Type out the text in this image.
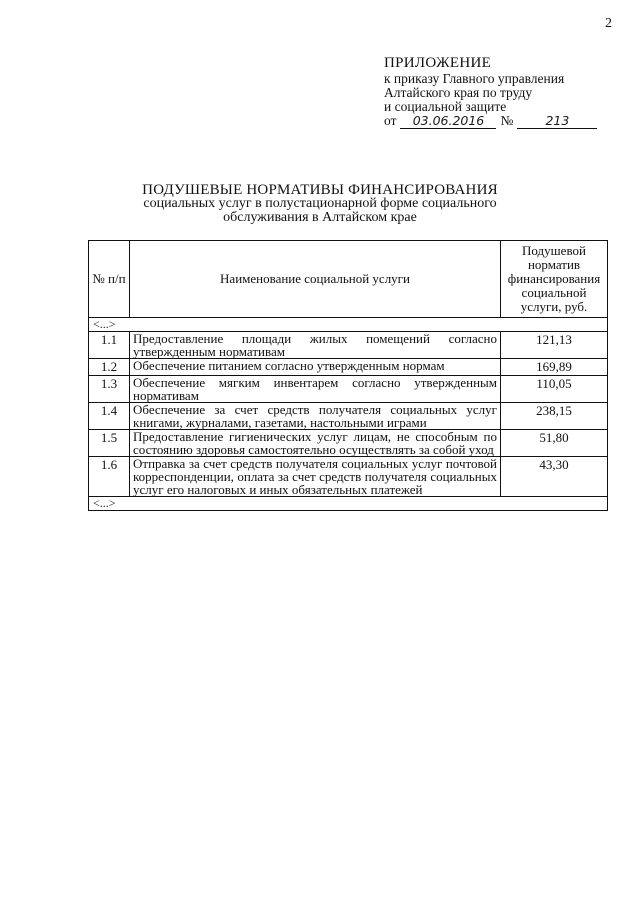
2
ПРИЛОЖЕНИЕ
к приказу Главного управления
Алтайского края по труду
и социальной защите
от	03.06.2016	№	213
ПОДУШЕВЫЕ НОРМАТИВЫ ФИНАНСИРОВАНИЯ
социальных услуг в полустационарной форме социального
обслуживания в Алтайском крае
№ п/п	Наименование социальной услуги	Подушевой норматив финансирования социальной услуги, руб.
<...>		
1.1	Предоставление площади жилых помещений согласно утвержденным нормативам	121,13
1.2	Обеспечение питанием согласно утвержденным нормам	169,89
1.3	Обеспечение мягким инвентарем согласно утвержденным нормативам	110,05
1.4	Обеспечение за счет средств получателя социальных услуг книгами, журналами, газетами, настольными играми	238,15
1.5	Предоставление гигиенических услуг лицам, не способным по состоянию здоровья самостоятельно осуществлять за собой уход	51,80
1.6	Отправка за счет средств получателя социальных услуг почтовой корреспонденции, оплата за счет средств получателя социальных услуг его налоговых и иных обязательных платежей	43,30
<...>		
